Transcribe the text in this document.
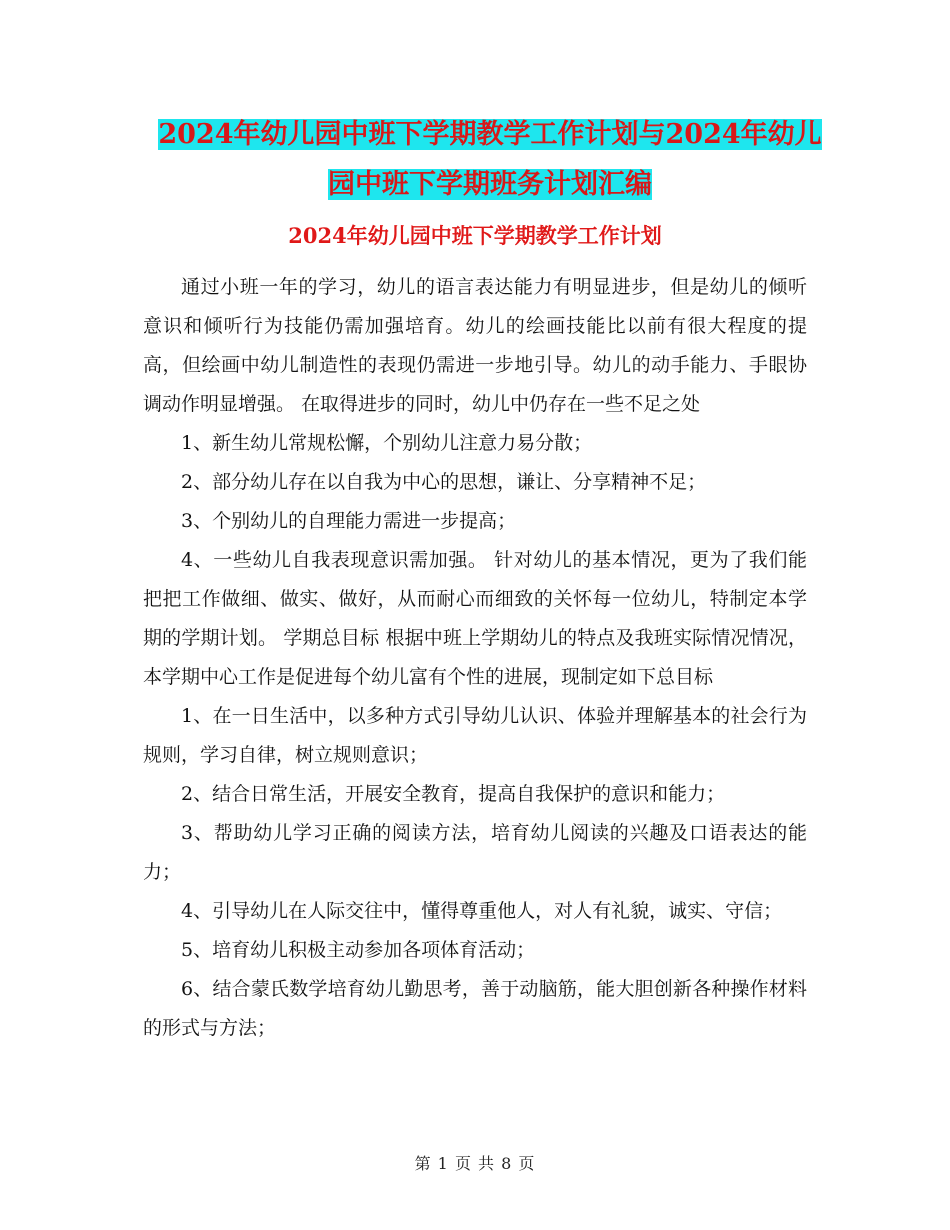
2024年幼儿园中班下学期教学工作计划与2024年幼儿
园中班下学期班务计划汇编
2024年幼儿园中班下学期教学工作计划

通过小班一年的学习，幼儿的语言表达能力有明显进步，但是幼儿的倾听意识和倾听行为技能仍需加强培育。幼儿的绘画技能比以前有很大程度的提高，但绘画中幼儿制造性的表现仍需进一步地引导。幼儿的动手能力、手眼协调动作明显增强。 在取得进步的同时，幼儿中仍存在一些不足之处

1、新生幼儿常规松懈，个别幼儿注意力易分散；

2、部分幼儿存在以自我为中心的思想，谦让、分享精神不足；

3、个别幼儿的自理能力需进一步提高；

4、一些幼儿自我表现意识需加强。 针对幼儿的基本情况，更为了我们能把把工作做细、做实、做好，从而耐心而细致的关怀每一位幼儿，特制定本学期的学期计划。 学期总目标 根据中班上学期幼儿的特点及我班实际情况情况，本学期中心工作是促进每个幼儿富有个性的进展，现制定如下总目标

1、在一日生活中，以多种方式引导幼儿认识、体验并理解基本的社会行为规则，学习自律，树立规则意识；

2、结合日常生活，开展安全教育，提高自我保护的意识和能力；

3、帮助幼儿学习正确的阅读方法，培育幼儿阅读的兴趣及口语表达的能力；

4、引导幼儿在人际交往中，懂得尊重他人，对人有礼貌，诚实、守信；

5、培育幼儿积极主动参加各项体育活动；

6、结合蒙氏数学培育幼儿勤思考，善于动脑筋，能大胆创新各种操作材料的形式与方法；

第 1 页 共 8 页
